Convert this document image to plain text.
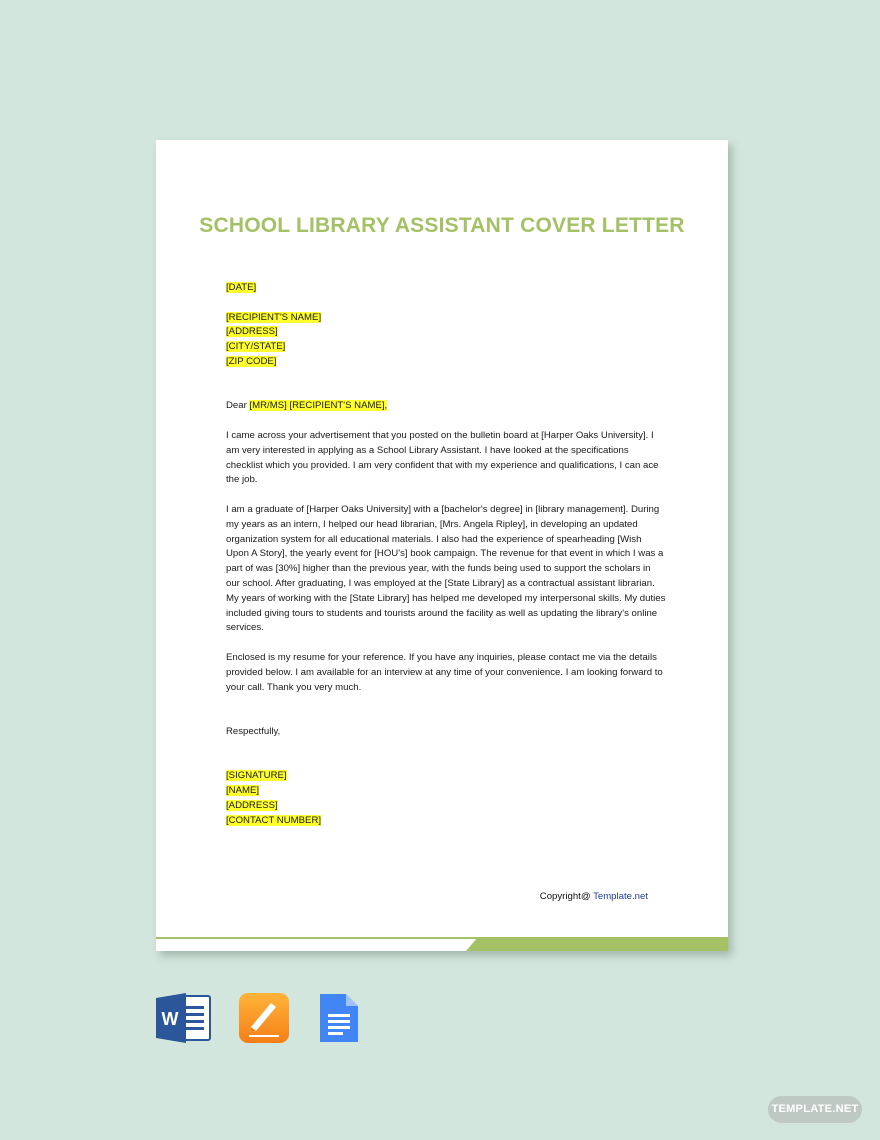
SCHOOL LIBRARY ASSISTANT COVER LETTER
[DATE]
[RECIPIENT'S NAME]
[ADDRESS]
[CITY/STATE]
[ZIP CODE]
Dear [MR/MS] [RECIPIENT'S NAME],

I came across your advertisement that you posted on the bulletin board at [Harper Oaks University]. I am very interested in applying as a School Library Assistant. I have looked at the specifications checklist which you provided. I am very confident that with my experience and qualifications, I can ace the job.

I am a graduate of [Harper Oaks University] with a [bachelor's degree] in [library management]. During my years as an intern, I helped our head librarian, [Mrs. Angela Ripley], in developing an updated organization system for all educational materials. I also had the experience of spearheading [Wish Upon A Story], the yearly event for [HOU's] book campaign. The revenue for that event in which I was a part of was [30%] higher than the previous year, with the funds being used to support the scholars in our school. After graduating, I was employed at the [State Library] as a contractual assistant librarian. My years of working with the [State Library] has helped me developed my interpersonal skills. My duties included giving tours to students and tourists around the facility as well as updating the library's online services.

Enclosed is my resume for your reference. If you have any inquiries, please contact me via the details provided below. I am available for an interview at any time of your convenience. I am looking forward to your call. Thank you very much.

Respectfully,
[SIGNATURE]
[NAME]
[ADDRESS]
[CONTACT NUMBER]
Copyright@ Template.net
W
TEMPLATE.NET
